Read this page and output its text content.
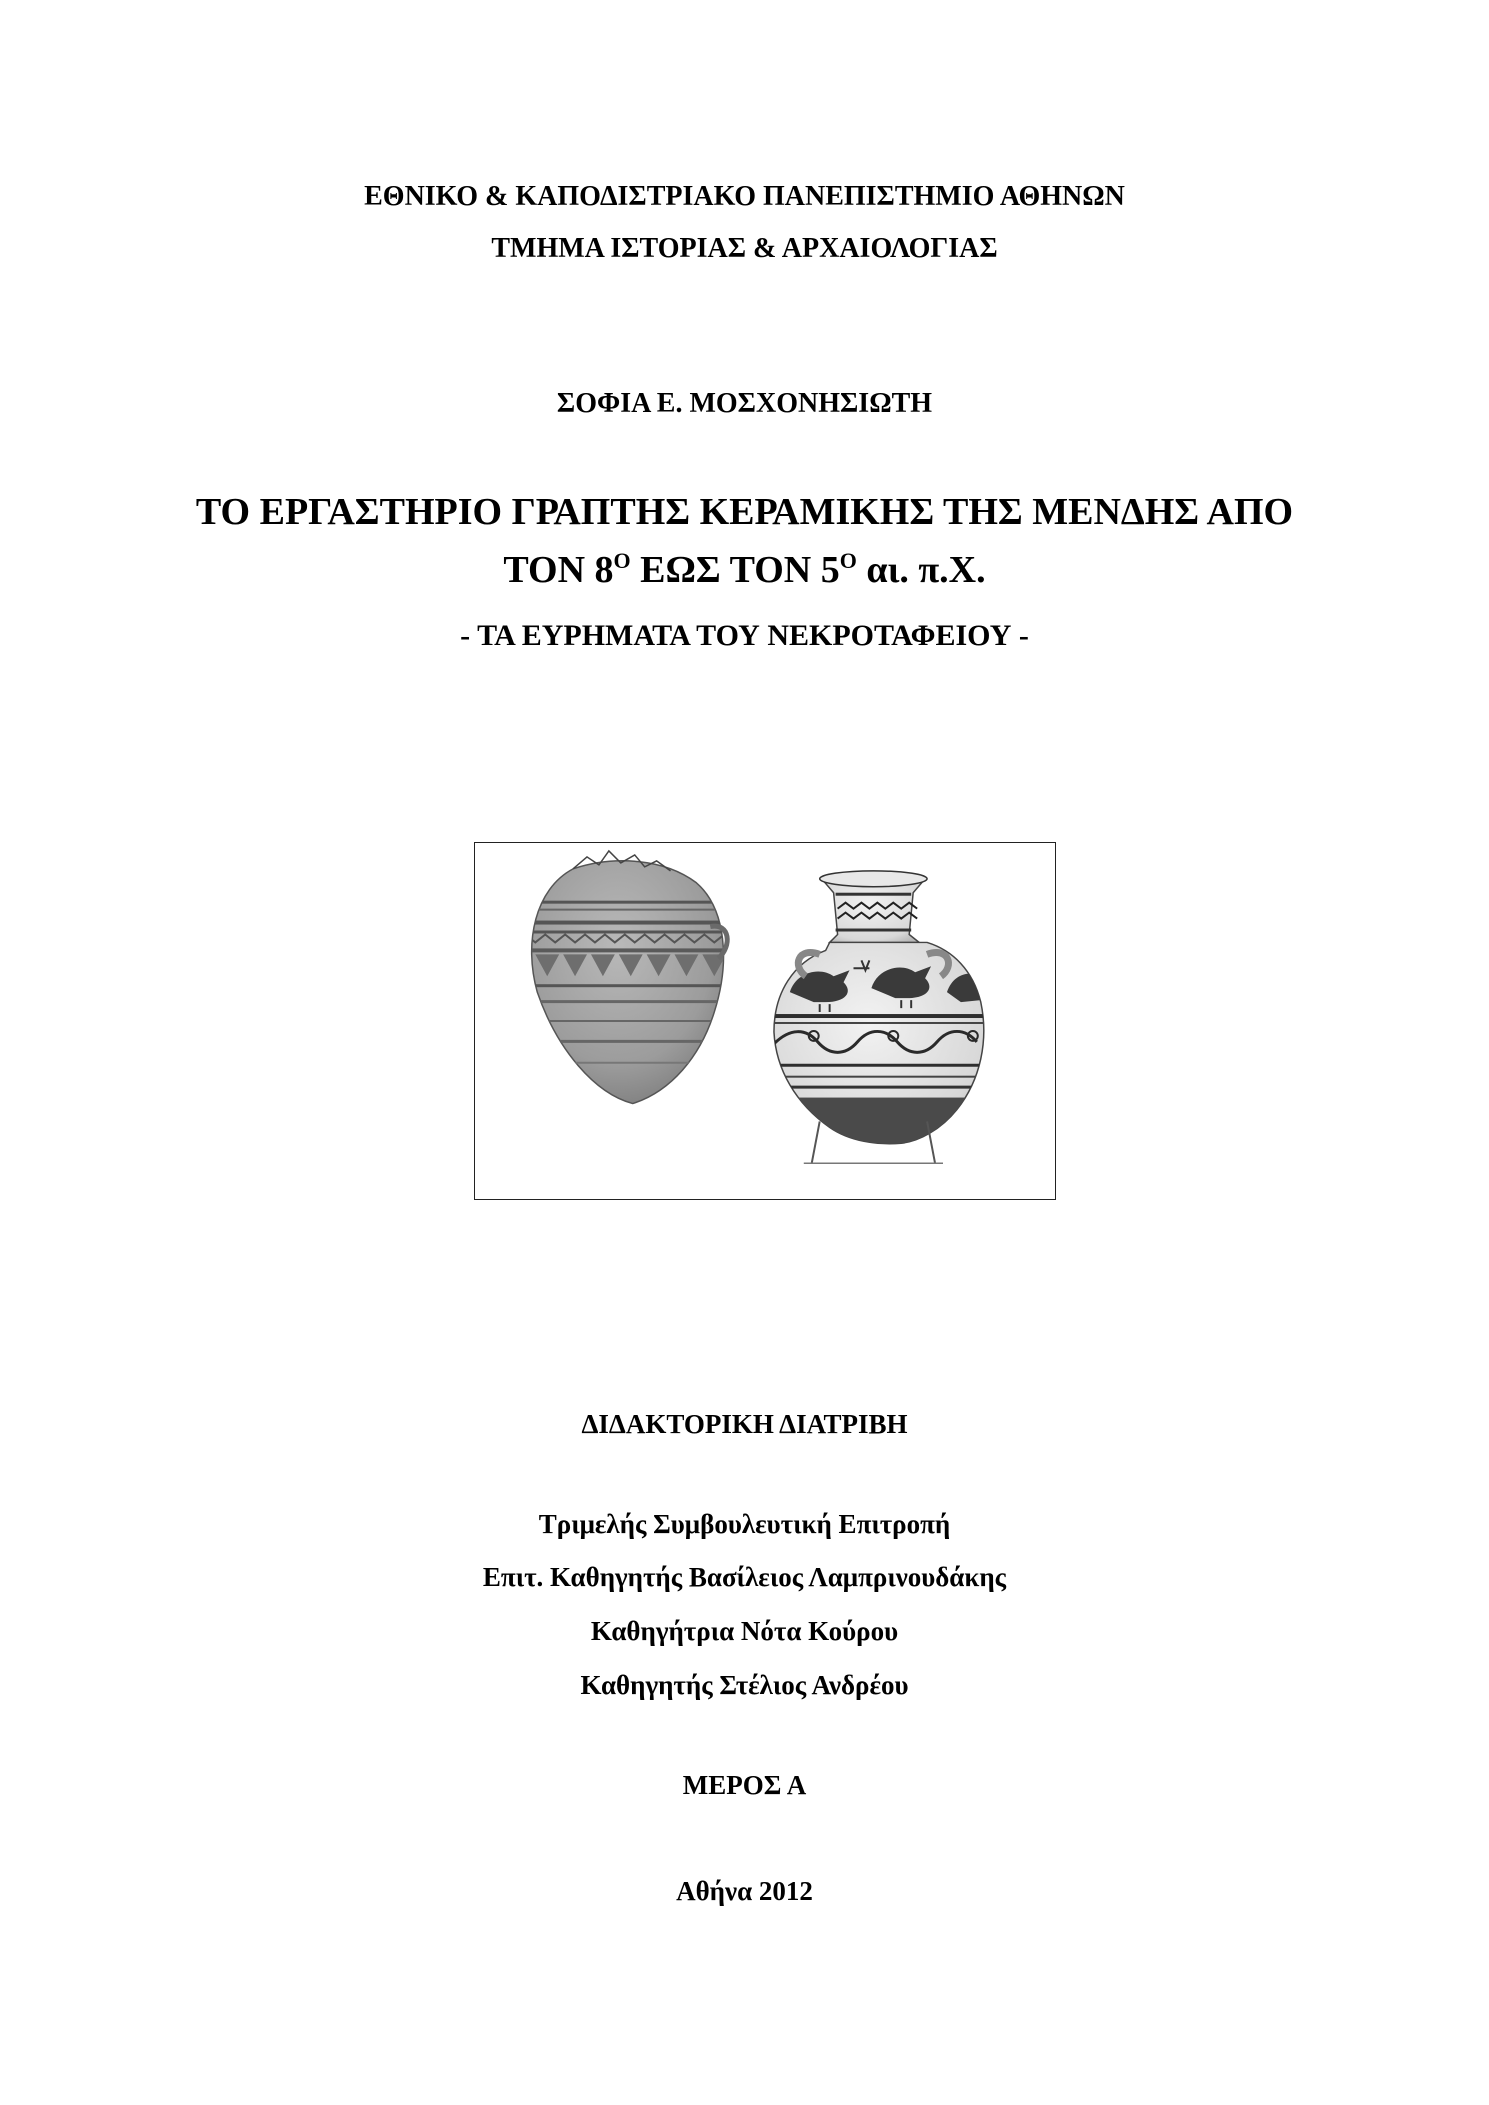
ΕΘΝΙΚΟ & ΚΑΠΟΔΙΣΤΡΙΑΚΟ ΠΑΝΕΠΙΣΤΗΜΙΟ ΑΘΗΝΩΝ
ΤΜΗΜΑ ΙΣΤΟΡΙΑΣ & ΑΡΧΑΙΟΛΟΓΙΑΣ
ΣΟΦΙΑ Ε. ΜΟΣΧΟΝΗΣΙΩΤΗ
ΤΟ ΕΡΓΑΣΤΗΡΙΟ ΓΡΑΠΤΗΣ ΚΕΡΑΜΙΚΗΣ ΤΗΣ ΜΕΝΔΗΣ ΑΠΟ
ΤΟΝ $8^O$ ΕΩΣ ΤΟΝ $5^O$ αι. π.Χ.
- ΤΑ ΕΥΡΗΜΑΤΑ ΤΟΥ ΝΕΚΡΟΤΑΦΕΙΟΥ -
ΔΙΔΑΚΤΟΡΙΚΗ ΔΙΑΤΡΙΒΗ
Τριμελής Συμβουλευτική Επιτροπή
Επιτ. Καθηγητής Βασίλειος Λαμπρινουδάκης
Καθηγήτρια Νότα Κούρου
Καθηγητής Στέλιος Ανδρέου
ΜΕΡΟΣ Α
Αθήνα 2012
